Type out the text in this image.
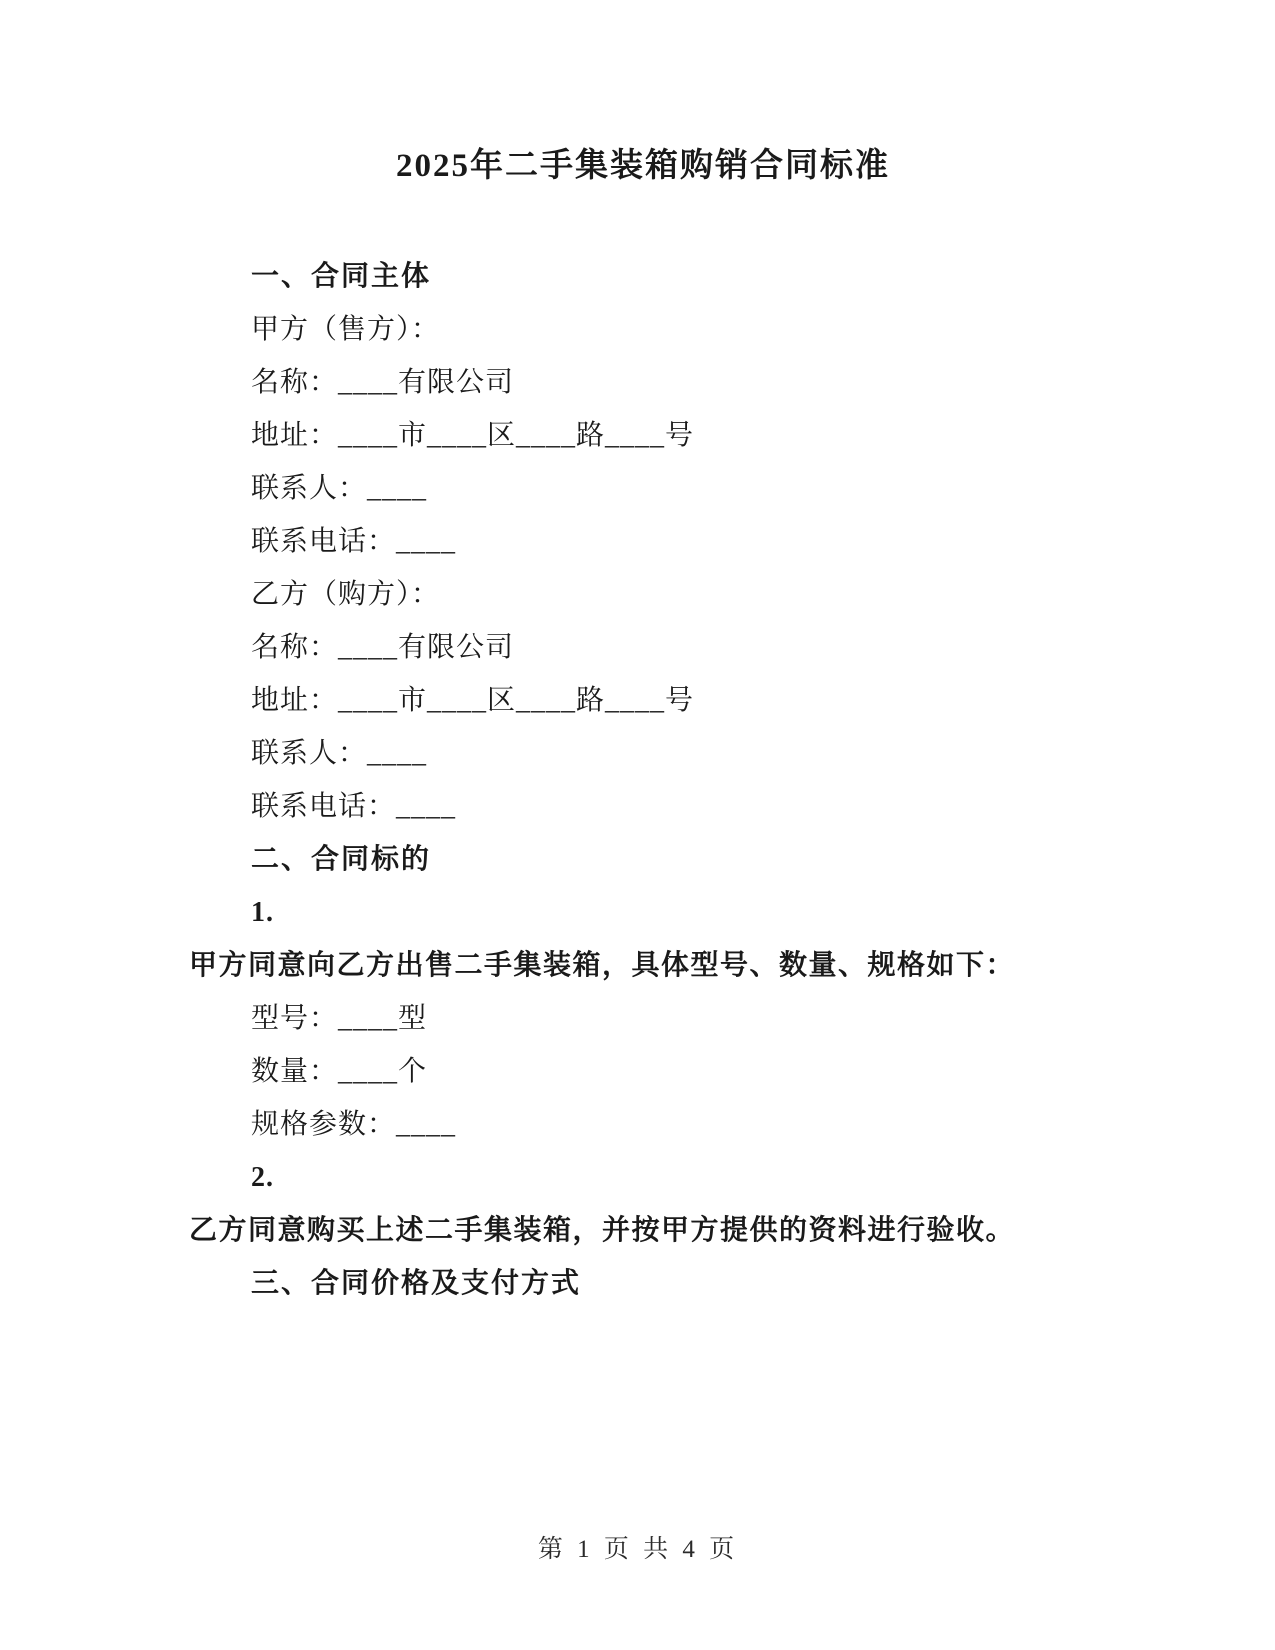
2025年二手集装箱购销合同标准

一、合同主体

甲方（售方）：

名称：____有限公司

地址：____市____区____路____号

联系人：____

联系电话：____

乙方（购方）：

名称：____有限公司

地址：____市____区____路____号

联系人：____

联系电话：____

二、合同标的

1.

甲方同意向乙方出售二手集装箱，具体型号、数量、规格如下：

型号：____型

数量：____个

规格参数：____

2.

乙方同意购买上述二手集装箱，并按甲方提供的资料进行验收。

三、合同价格及支付方式

第 1 页 共 4 页
